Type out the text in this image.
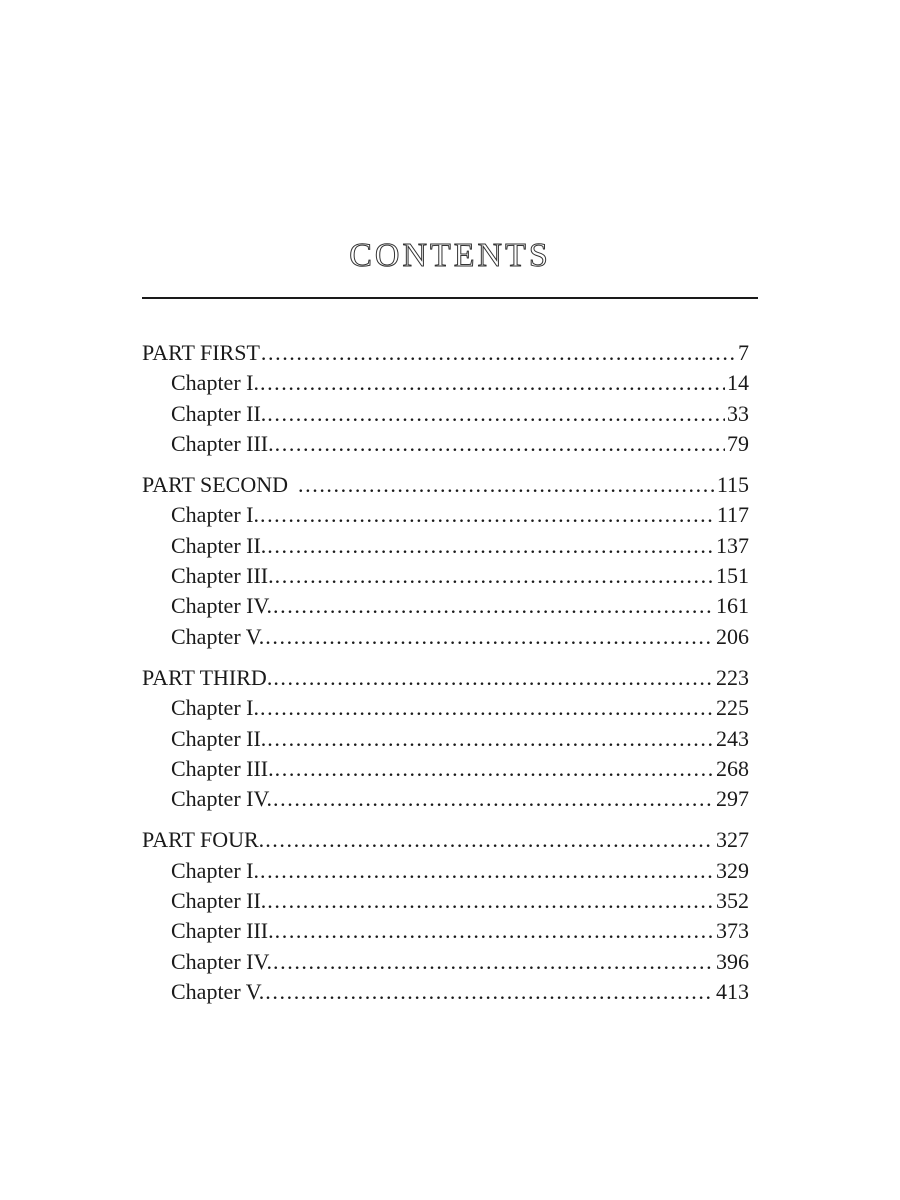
CONTENTS
PART FIRST .....	7
Chapter I. .....	14
Chapter II. .....	33
Chapter III. .....	79
PART SECOND .....	115
Chapter I. .....	117
Chapter II. .....	137
Chapter III. .....	151
Chapter IV. .....	161
Chapter V. .....	206
PART THIRD. .....	223
Chapter I. .....	225
Chapter II. .....	243
Chapter III. .....	268
Chapter IV. .....	297
PART FOUR. .....	327
Chapter I. .....	329
Chapter II. .....	352
Chapter III. .....	373
Chapter IV. .....	396
Chapter V. .....	413
